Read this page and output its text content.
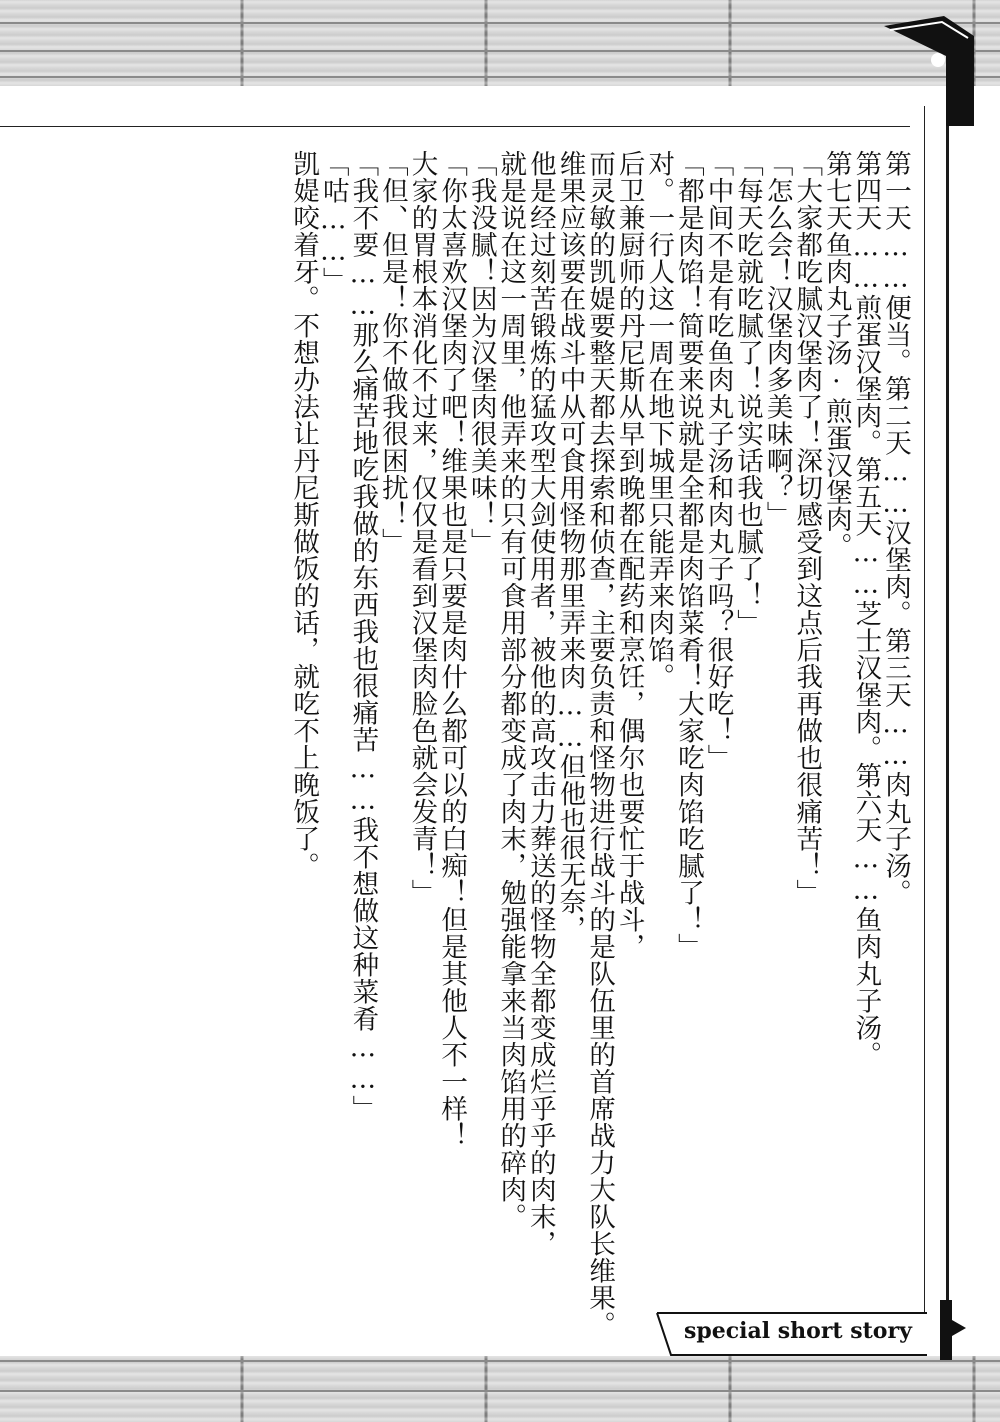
第一天……便当。第二天……汉堡肉。第三天……肉丸子汤。

第四天……煎蛋汉堡肉。第五天……芝士汉堡肉。第六天……鱼肉丸子汤。

第七天鱼肉丸子汤·煎蛋汉堡肉。

「大家都吃腻汉堡肉了！深切感受到这点后我再做也很痛苦！」

「怎么会！汉堡肉多美味啊？」

「每天吃就吃腻了！说实话我也腻了！」

「中间不是有吃鱼肉丸子汤和肉丸子吗？很好吃！」

「都是肉馅！简要来说就是全都是肉馅菜肴！大家吃肉馅吃腻了！」

对。一行人这一周在地下城里只能弄来肉馅。

后卫兼厨师的丹尼斯从早到晚都在配药和烹饪，偶尔也要忙于战斗，

而灵敏的凯媞要整天都去探索和侦查，主要负责和怪物进行战斗的是队伍里的首席战力大队长维果。

维果应该要在战斗中从可食用怪物那里弄来肉……但他也很无奈，

他是经过刻苦锻炼的猛攻型大剑使用者，被他的高攻击力葬送的怪物全都变成烂乎乎的肉末，

就是说在这一周里，他弄来的只有可食用部分都变成了肉末，勉强能拿来当肉馅用的碎肉。

「我没腻！因为汉堡肉很美味！」

「你太喜欢汉堡肉了吧！维果也是只要是肉什么都可以的白痴！但是其他人不一样！

大家的胃根本消化不过来，仅仅是看到汉堡肉脸色就会发青！」

「但、但是！你不做我很困扰！」

「我不要……那么痛苦地吃我做的东西我也很痛苦……我不想做这种菜肴……」

「咕……」

凯媞咬着牙。不想办法让丹尼斯做饭的话，就吃不上晚饭了。

special short story
